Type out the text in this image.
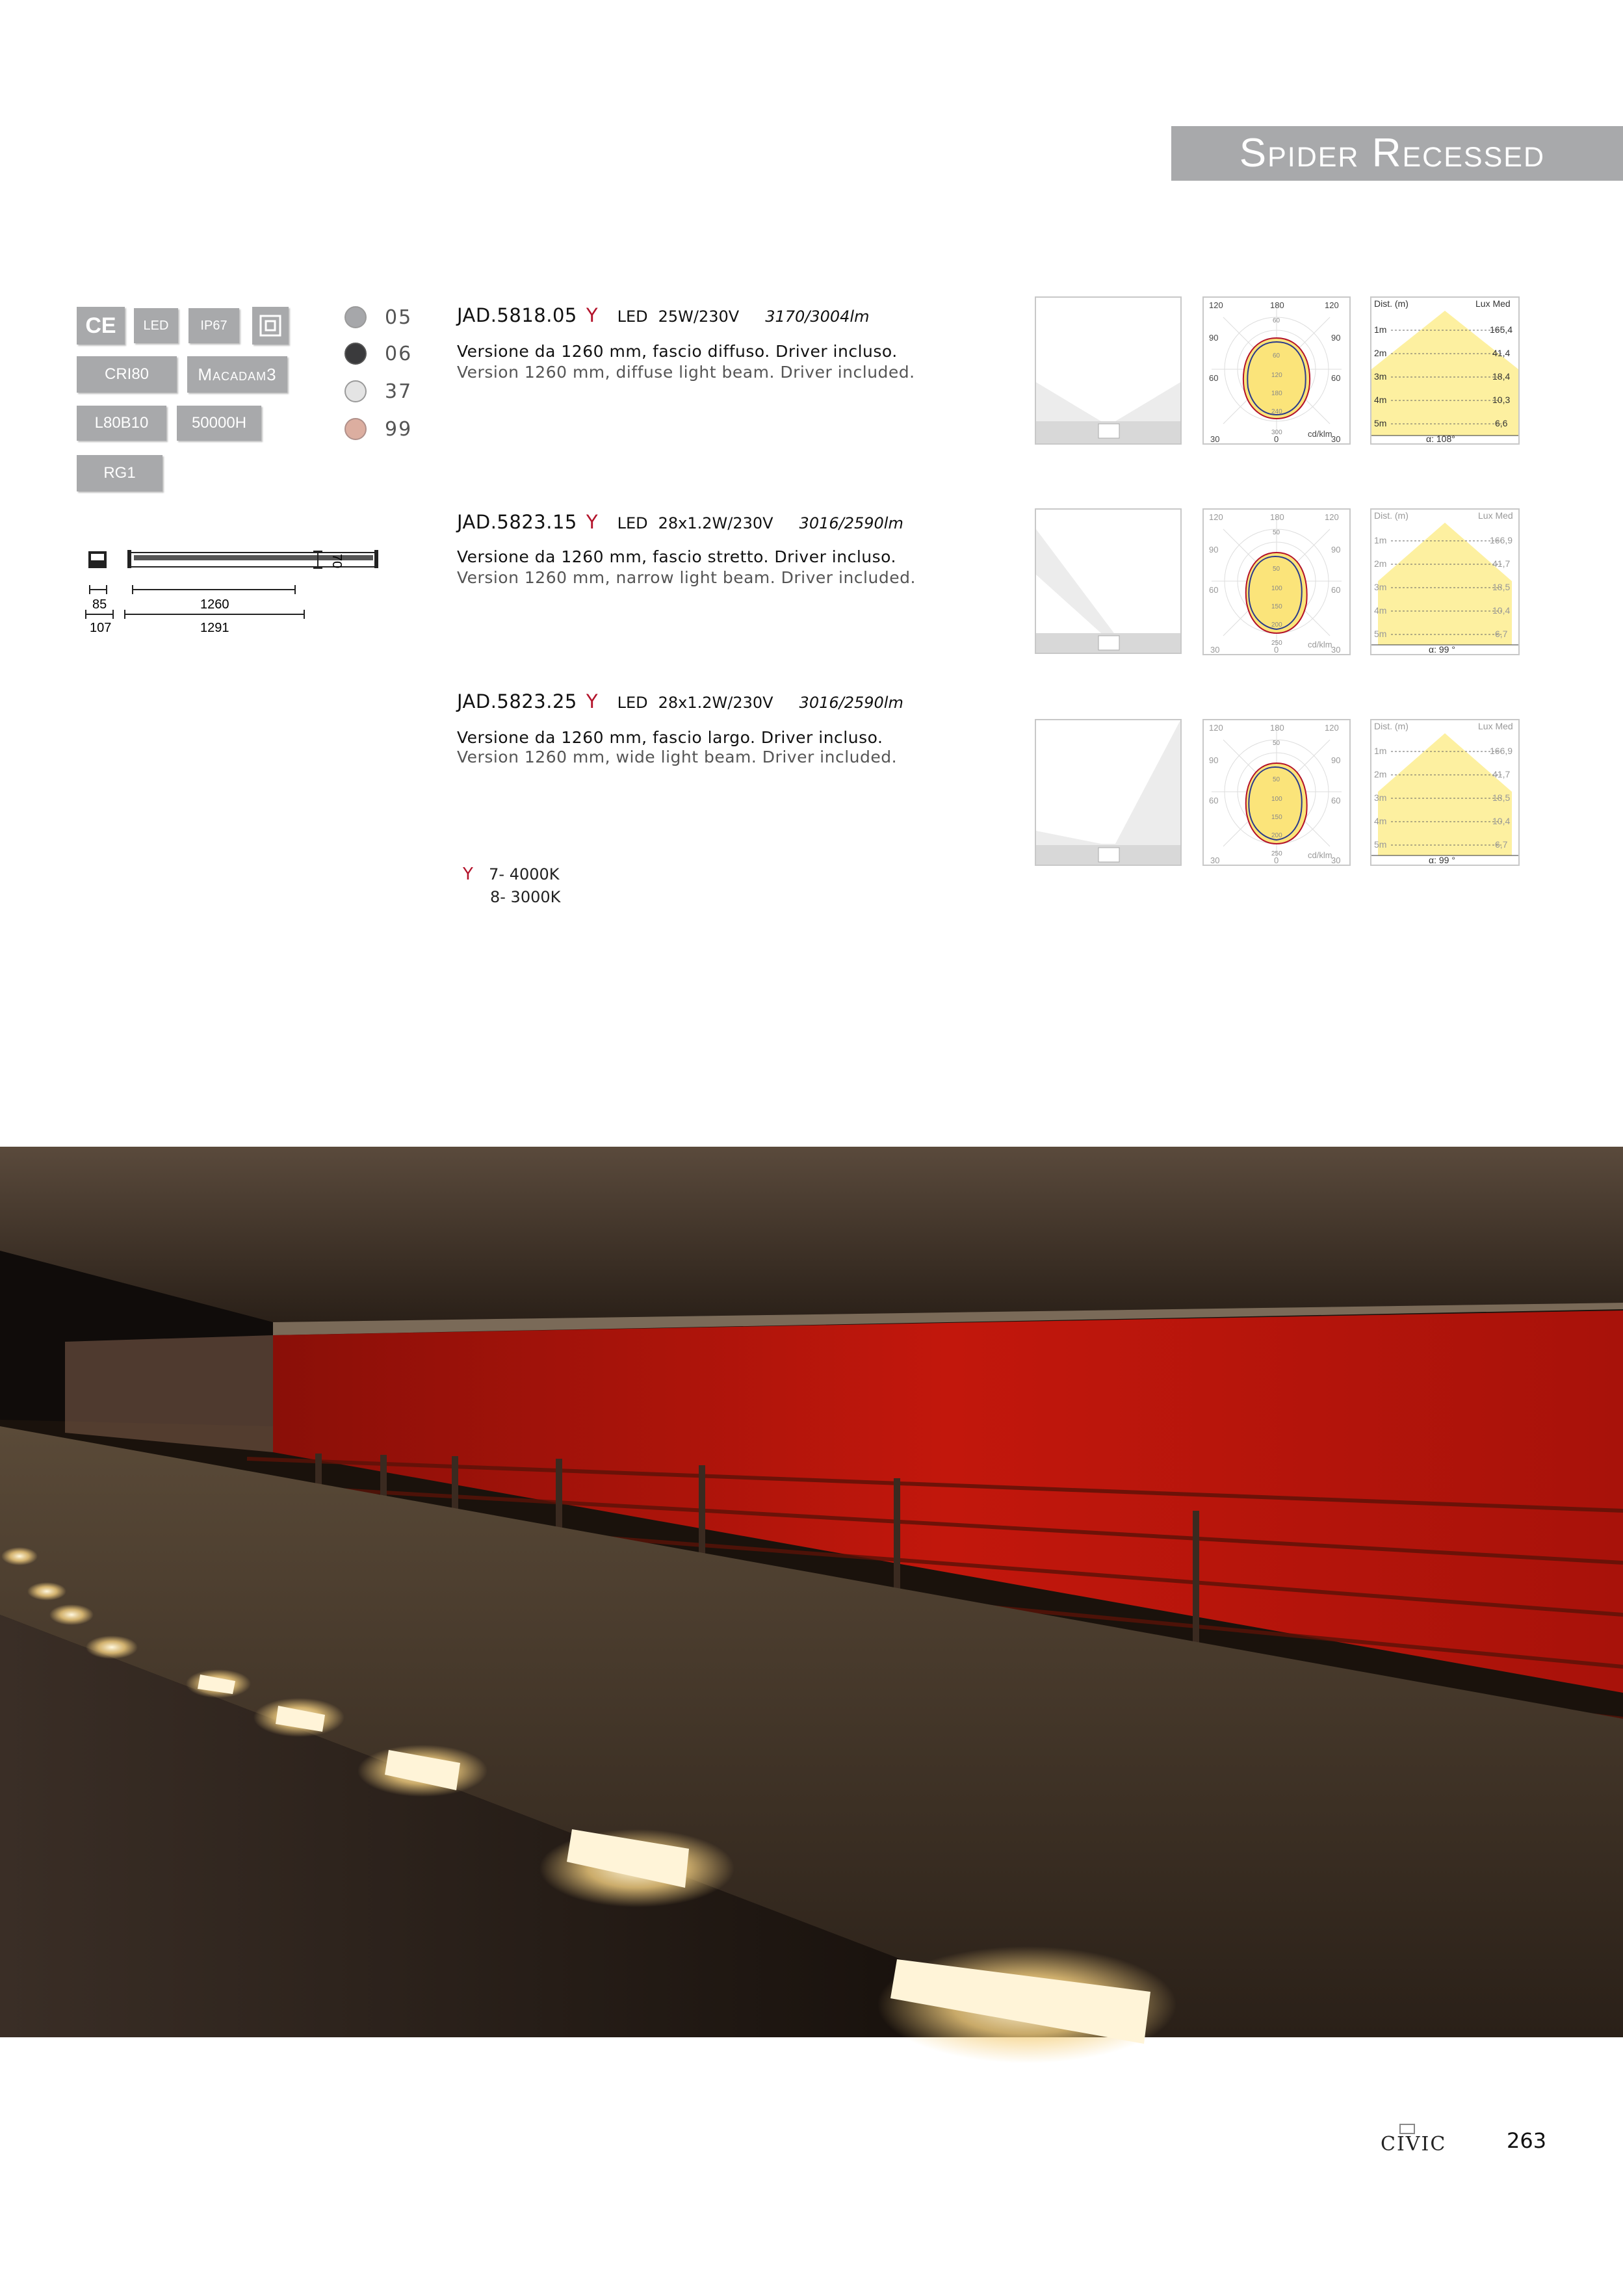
Spider Recessed
CE LED IP67
CRI80	Macadam3
L80B10	50000H
RG1
05
06
37
99
70
85	1260
107	1291
JAD.5818.05 Y LED 25W/230V 3170/3004lm
Versione da 1260 mm, fascio diffuso. Driver incluso.
Version 1260 mm, diffuse light beam. Driver included.
JAD.5823.15 Y LED 28x1.2W/230V 3016/2590lm
Versione da 1260 mm, fascio stretto. Driver incluso.
Version 1260 mm, narrow light beam. Driver included.
JAD.5823.25 Y LED 28x1.2W/230V 3016/2590lm
Versione da 1260 mm, fascio largo. Driver incluso.
Version 1260 mm, wide light beam. Driver included.
Y 7- 4000K
8- 3000K
120	180	120
90
60
30
90
60
30
60
60
120
180
240
300	cd/klm
0
120	180	120
90
60
30
90
60
30
50
50
100
150
200
250	cd/klm
0
120	180	120
90
60
30
90
60
30
50
50
100
150
200
250	cd/klm
0
Dist. (m)	Lux Med
1m	165,4
2m	41,4
3m	18,4
4m	10,3
5m	6,6
α: 108°
Dist. (m)	Lux Med
1m	166,9
2m	41,7
3m	18,5
4m	10,4
5m	6,7
α: 99 °
Dist. (m)	Lux Med
1m	166,9
2m	41,7
3m	18,5
4m	10,4
5m	6,7
α: 99 °
CIVIC	263
